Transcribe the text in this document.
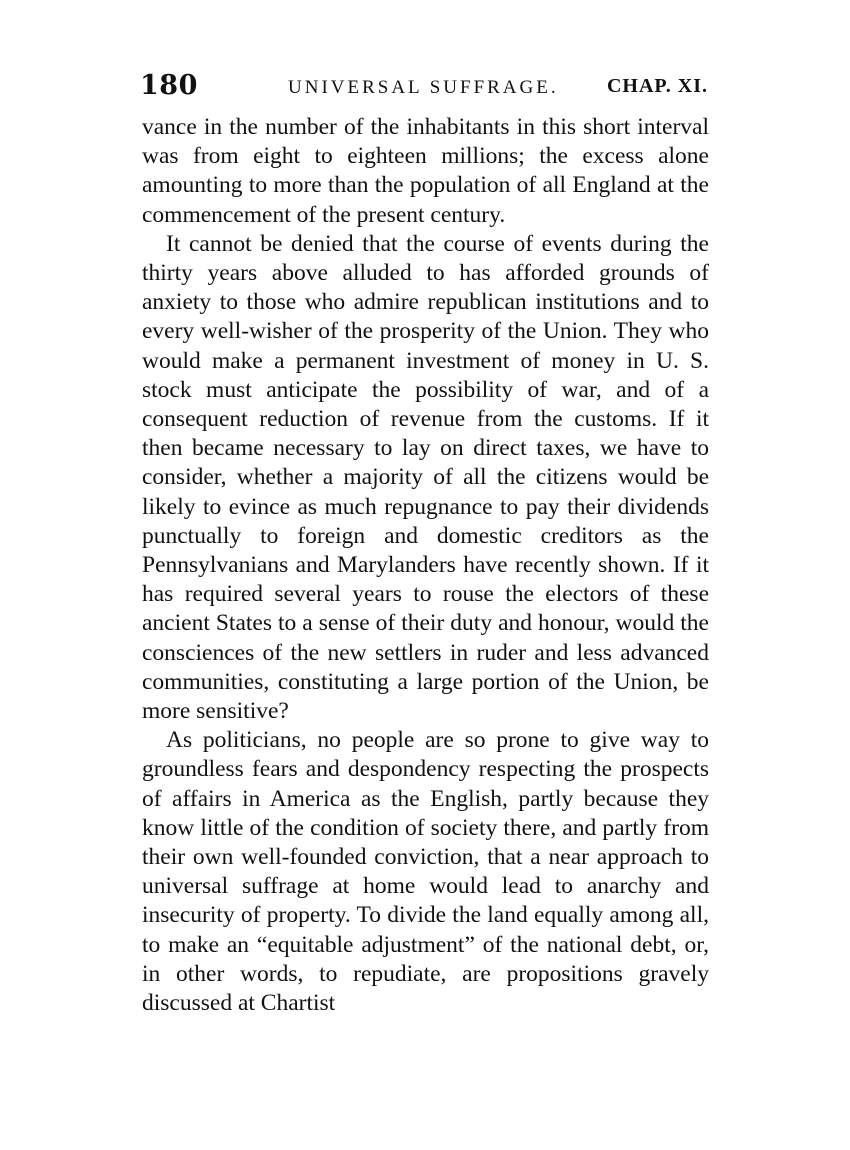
180	UNIVERSAL SUFFRAGE. CHAP. XI.

vance in the number of the inhabitants in this short interval was from eight to eighteen millions; the excess alone amounting to more than the population of all England at the commencement of the present century.

It cannot be denied that the course of events during the thirty years above alluded to has afforded grounds of anxiety to those who admire republican institutions and to every well-wisher of the prosperity of the Union. They who would make a permanent investment of money in U. S. stock must anticipate the possibility of war, and of a consequent reduction of revenue from the customs. If it then became necessary to lay on direct taxes, we have to consider, whether a majority of all the citizens would be likely to evince as much repugnance to pay their dividends punctually to foreign and domestic creditors as the Pennsylvanians and Marylanders have recently shown. If it has required several years to rouse the electors of these ancient States to a sense of their duty and honour, would the consciences of the new settlers in ruder and less advanced communities, constituting a large portion of the Union, be more sensitive?

As politicians, no people are so prone to give way to groundless fears and despondency respecting the prospects of affairs in America as the English, partly because they know little of the condition of society there, and partly from their own well-founded conviction, that a near approach to universal suffrage at home would lead to anarchy and insecurity of property. To divide the land equally among all, to make an “equitable adjustment” of the national debt, or, in other words, to repudiate, are propositions gravely discussed at Chartist
